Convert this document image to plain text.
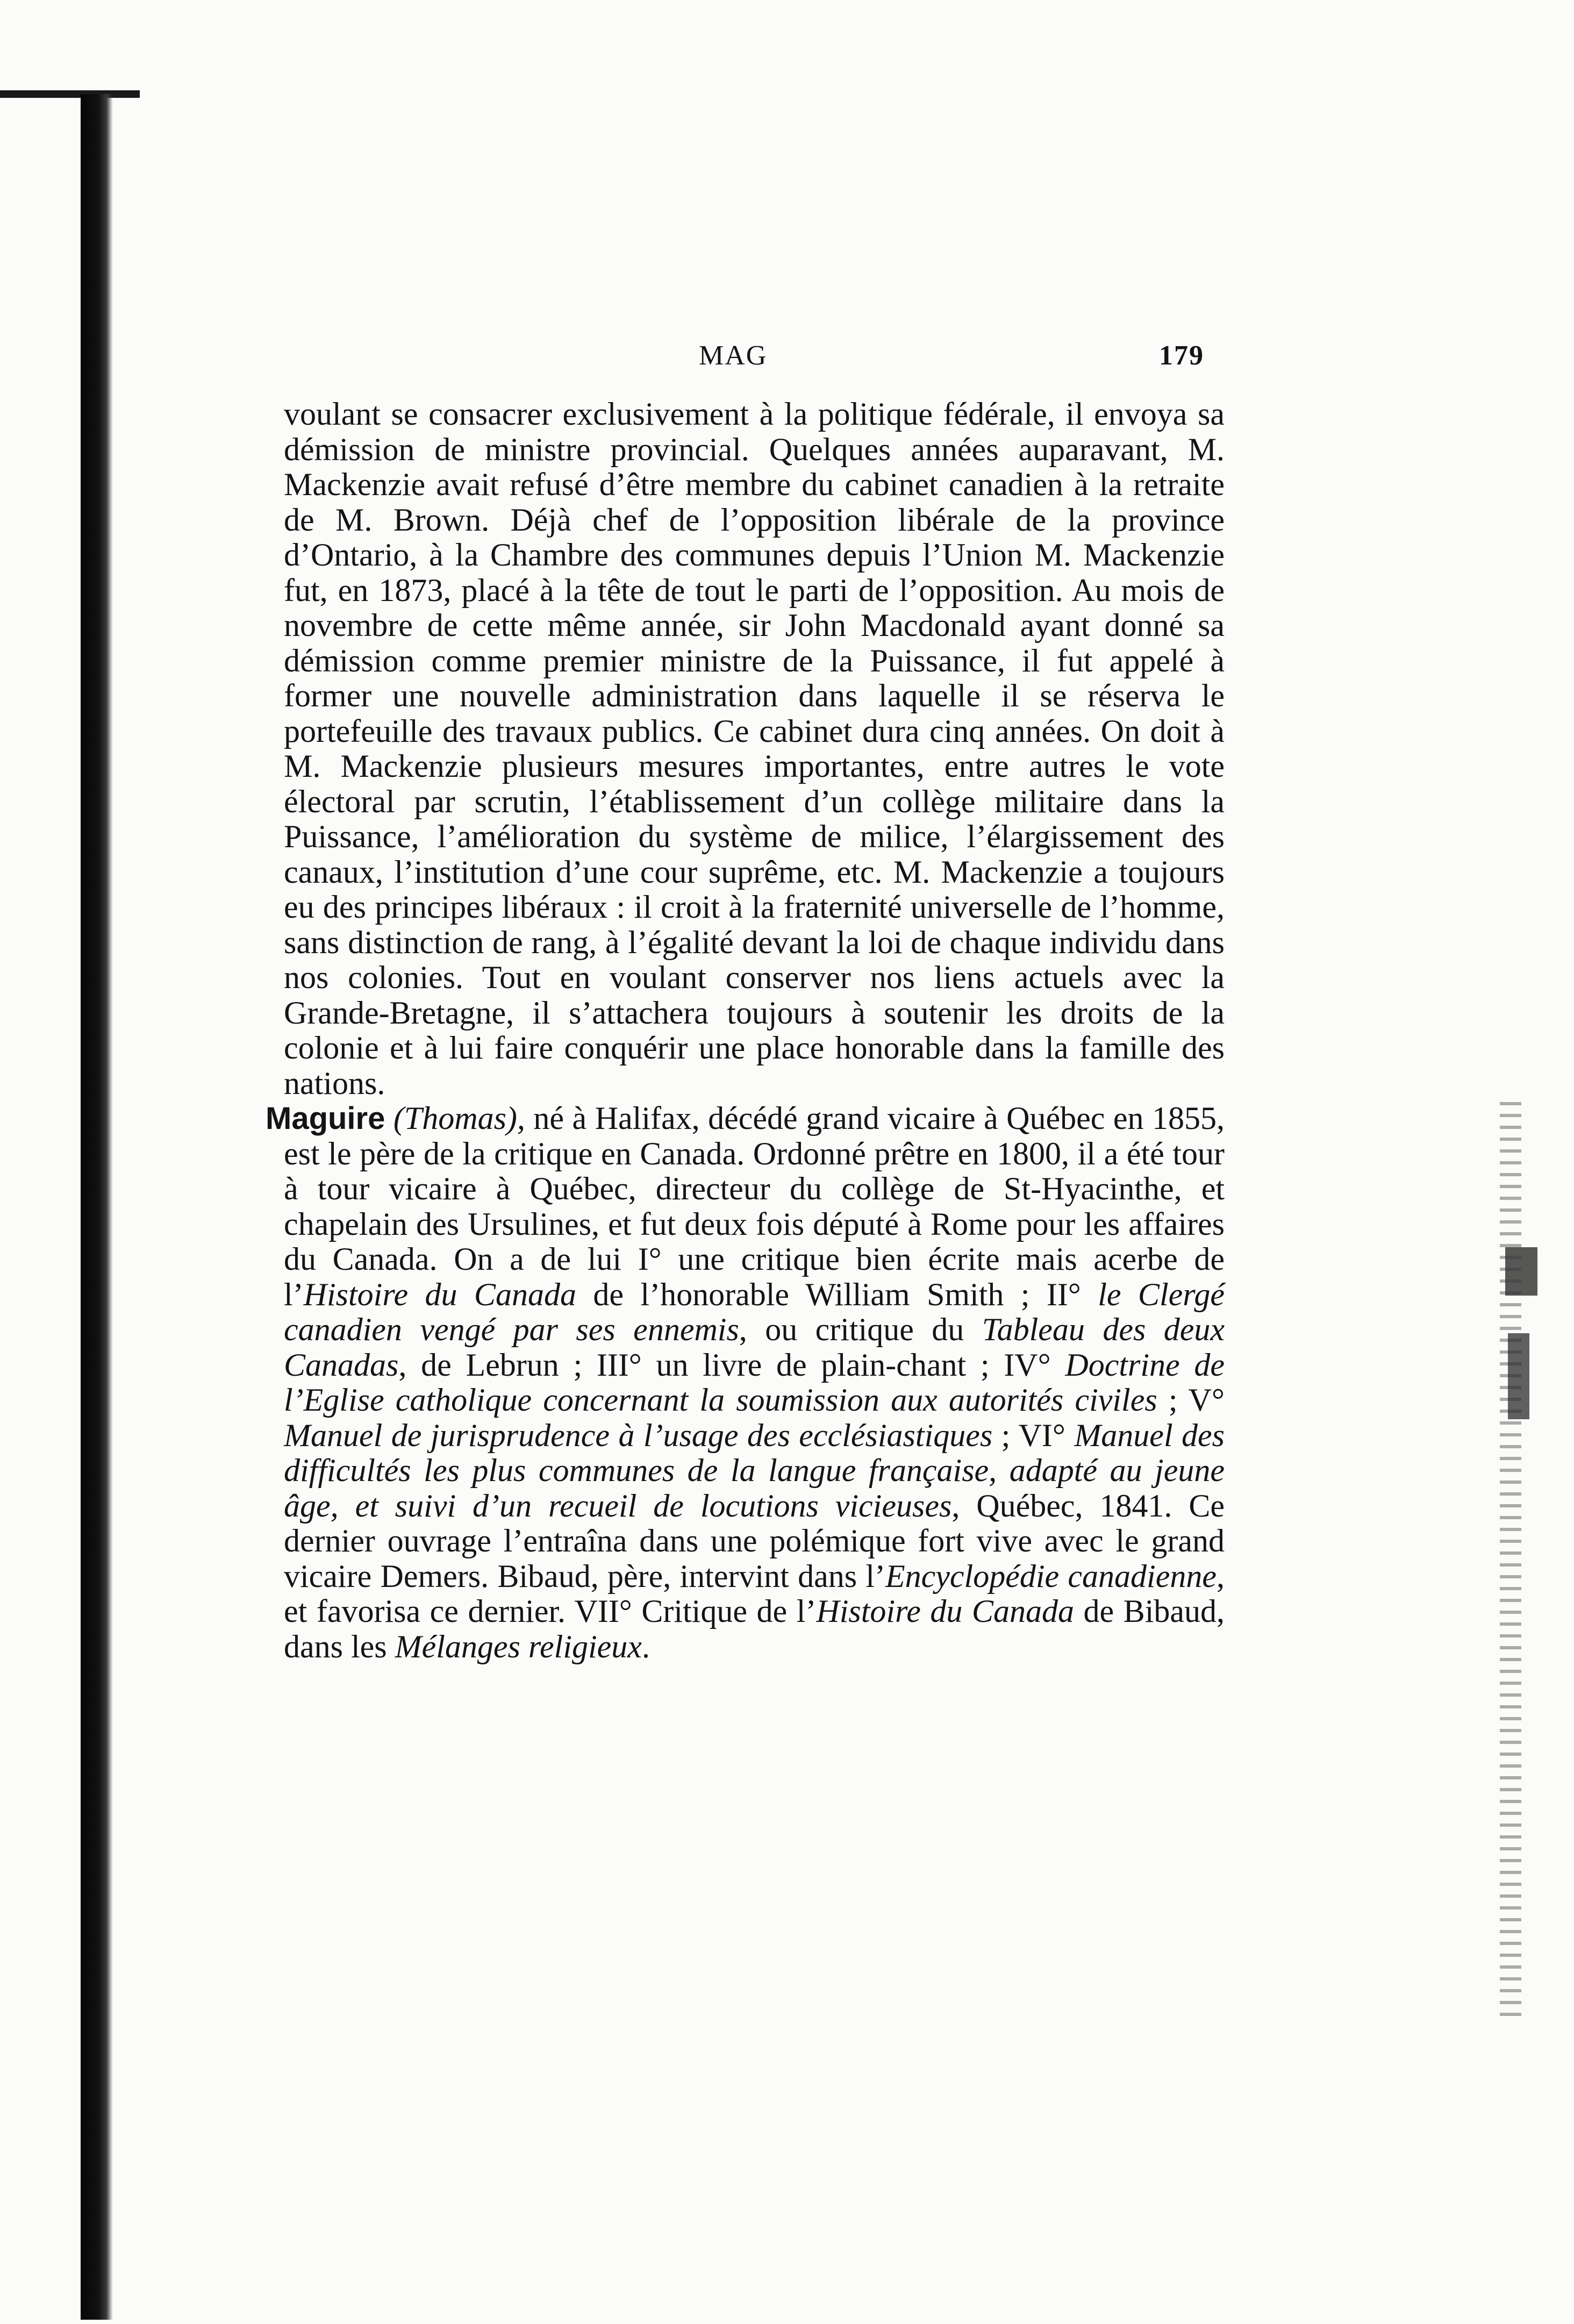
MAG	179

voulant se consacrer exclusivement à la politique fédérale, il envoya sa démission de ministre provincial. Quelques années auparavant, M. Mackenzie avait refusé d’être membre du cabinet canadien à la retraite de M. Brown. Déjà chef de l’opposition libérale de la province d’Ontario, à la Chambre des communes depuis l’Union M. Mackenzie fut, en 1873, placé à la tête de tout le parti de l’opposition. Au mois de novembre de cette même année, sir John Macdonald ayant donné sa démission comme premier ministre de la Puissance, il fut appelé à former une nouvelle administration dans laquelle il se réserva le portefeuille des travaux publics. Ce cabinet dura cinq années. On doit à M. Mackenzie plusieurs mesures importantes, entre autres le vote électoral par scrutin, l’établissement d’un collège militaire dans la Puissance, l’amélioration du système de milice, l’élargissement des canaux, l’institution d’une cour suprême, etc. M. Mackenzie a toujours eu des principes libéraux : il croit à la fraternité universelle de l’homme, sans distinction de rang, à l’égalité devant la loi de chaque individu dans nos colonies. Tout en voulant conserver nos liens actuels avec la Grande-Bretagne, il s’attachera toujours à soutenir les droits de la colonie et à lui faire conquérir une place honorable dans la famille des nations.

Maguire (Thomas), né à Halifax, décédé grand vicaire à Québec en 1855, est le père de la critique en Canada. Ordonné prêtre en 1800, il a été tour à tour vicaire à Québec, directeur du collège de St-Hyacinthe, et chapelain des Ursulines, et fut deux fois député à Rome pour les affaires du Canada. On a de lui I° une critique bien écrite mais acerbe de l’Histoire du Canada de l’honorable William Smith ; II° le Clergé canadien vengé par ses ennemis, ou critique du Tableau des deux Canadas, de Lebrun ; III° un livre de plain-chant ; IV° Doctrine de l’Eglise catholique concernant la soumission aux autorités civiles ; V° Manuel de jurisprudence à l’usage des ecclésiastiques ; VI° Manuel des difficultés les plus communes de la langue française, adapté au jeune âge, et suivi d’un recueil de locutions vicieuses, Québec, 1841. Ce dernier ouvrage l’entraîna dans une polémique fort vive avec le grand vicaire Demers. Bibaud, père, intervint dans l’Encyclopédie canadienne, et favorisa ce dernier. VII° Critique de l’Histoire du Canada de Bibaud, dans les Mélanges religieux.
